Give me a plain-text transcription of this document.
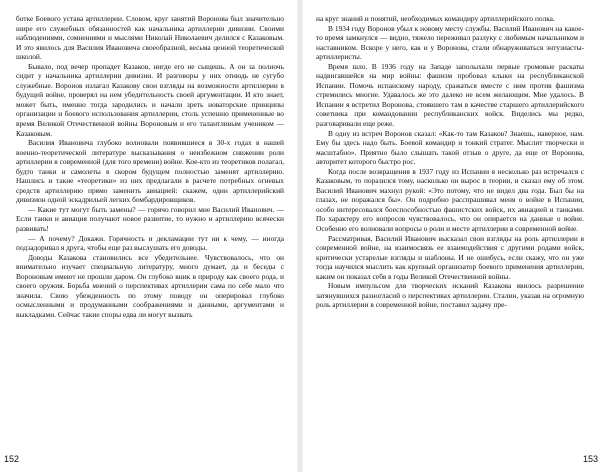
ботке Боевого устава артиллерии. Словом, круг занятий Воронова был значительно шире его служебных обязанностей как начальника артиллерии дивизии. Своими наблюдениями, сомнениями и мыслями Николай Николаевич делился с Казаковым. И это явилось для Василия Ивановича своеобразной, весьма ценной теоретической школой.

Бывало, под вечер пропадет Казаков, нигде его не сыщешь. А он за полночь сидит у начальника артиллерии дивизии. И разговоры у них отнюдь не сугубо служебные. Воронов излагал Казакову свои взгляды на возможности артиллерии в будущей войне, проверял на нем убедительность своей аргументации. И кто знает, может быть, именно тогда зародились и начали зреть новаторские принципы организации и боевого использования артиллерии, столь успешно примененные во время Великой Отечественной войны Вороновым и его талантливым учеником — Казаковым.

Василия Ивановича глубоко волновали появившиеся в 30-х годах в нашей военно-теоретической литературе высказывания о неизбежном снижении роли артиллерии в современной (для того времени) войне. Кое-кто из теоретиков полагал, будто танки и самолеты в скором будущем полностью заменят артиллерию. Нашлись и такие «теоретики» из них предлагали в расчете потребных огневых средств артиллерию прямо заменить авиацией: скажем, один артиллерийский дивизион одной эскадрильей легких бомбардировщиков.

— Какие тут могут быть замены? — горячо говорил мне Василий Иванович. — Если танки и авиация получают новое развитие, то нужно и артиллерию всячески развивать!

— А почему? Докажи. Горячность и декламации тут ни к чему, — иногда подзадоривал я друга, чтобы еще раз выслушать его доводы.

Доводы Казакова становились все убедительнее. Чувствовалось, что он внимательно изучает специальную литературу, много думает, да и беседы с Вороновым имеют не прошли даром. Он глубоко вник в природу как своего рода, и своего оружия. Борьба мнений о перспективах артиллерии сама по себе мало что значила. Свою убежденность по этому поводу он оперировал глубоко осмысленными и продуманными соображениями и данными, аргументами и выкладками. Сейчас такие споры едва ли могут вызвать

152

на круг знаний и понятий, необходимых командиру артиллерийского полка.

В 1934 году Воронов убыл к новому месту службы. Василий Иванович на какое-то время замкнулся — видно, тяжело переживал разлуку с любимым начальником и наставником. Вскоре у него, как и у Воронова, стали обнаруживаться энтузиасты-артиллеристы.

Время шло. В 1936 году на Западе заполыхали первые громовые раскаты надвигавшейся на мир войны: фашизм пробовал клыки на республиканской Испании. Помочь испанскому народу, сражаться вместе с ним против фашизма стремились многие. Удавалось же это далеко не всем желающим. Мне удалось. В Испании я встретил Воронова, стоявшего там в качестве старшего артиллерийского советника при командовании республиканских войск. Виделись мы редко, разговаривали еще реже.

В одну из встреч Воронов сказал: «Как-то там Казаков? Знаешь, наверное, нам. Ему бы здесь надо быть. Боевой командир и тонкий стратег. Мыслит творчески и масштабно». Приятно было слышать такой отзыв о друге, да еще от Воронова, авторитет которого быстро рос.

Когда после возвращения в 1937 году из Испании я несколько раз встречался с Казаковым, то поразился тому, насколько он вырос в теории, и сказал ему об этом. Василий Иванович махнул рукой: «Это потому, что не видел два года. Был бы на глазах, не поражался бы». Он подробно расспрашивал меня о войне в Испании, особо интересовался боеспособностью фашистских войск, их авиацией и танками. По характеру его вопросов чувствовалось, что он опирается на данные о войне. Особенно его волновали вопросы о роли и месте артиллерии в современной войне.

Рассматривая, Василий Иванович высказал свои взгляды на роль артиллерии в современной войне, на взаимосвязь ее взаимодействия с другими родами войск, критически устарелые взгляды и шаблоны. И не ошибусь, если скажу, что он уже тогда научился мыслить как крупный организатор боевого применения артиллерии, каким он показал себя в годы Великой Отечественной войны.

Новым импульсом для творческих исканий Казакова явилось разрешение затянувшихся разногласий о перспективах артиллерии. Сталин, указав на огромную роль артиллерии в современной войне, поставил задачу пре-

153
